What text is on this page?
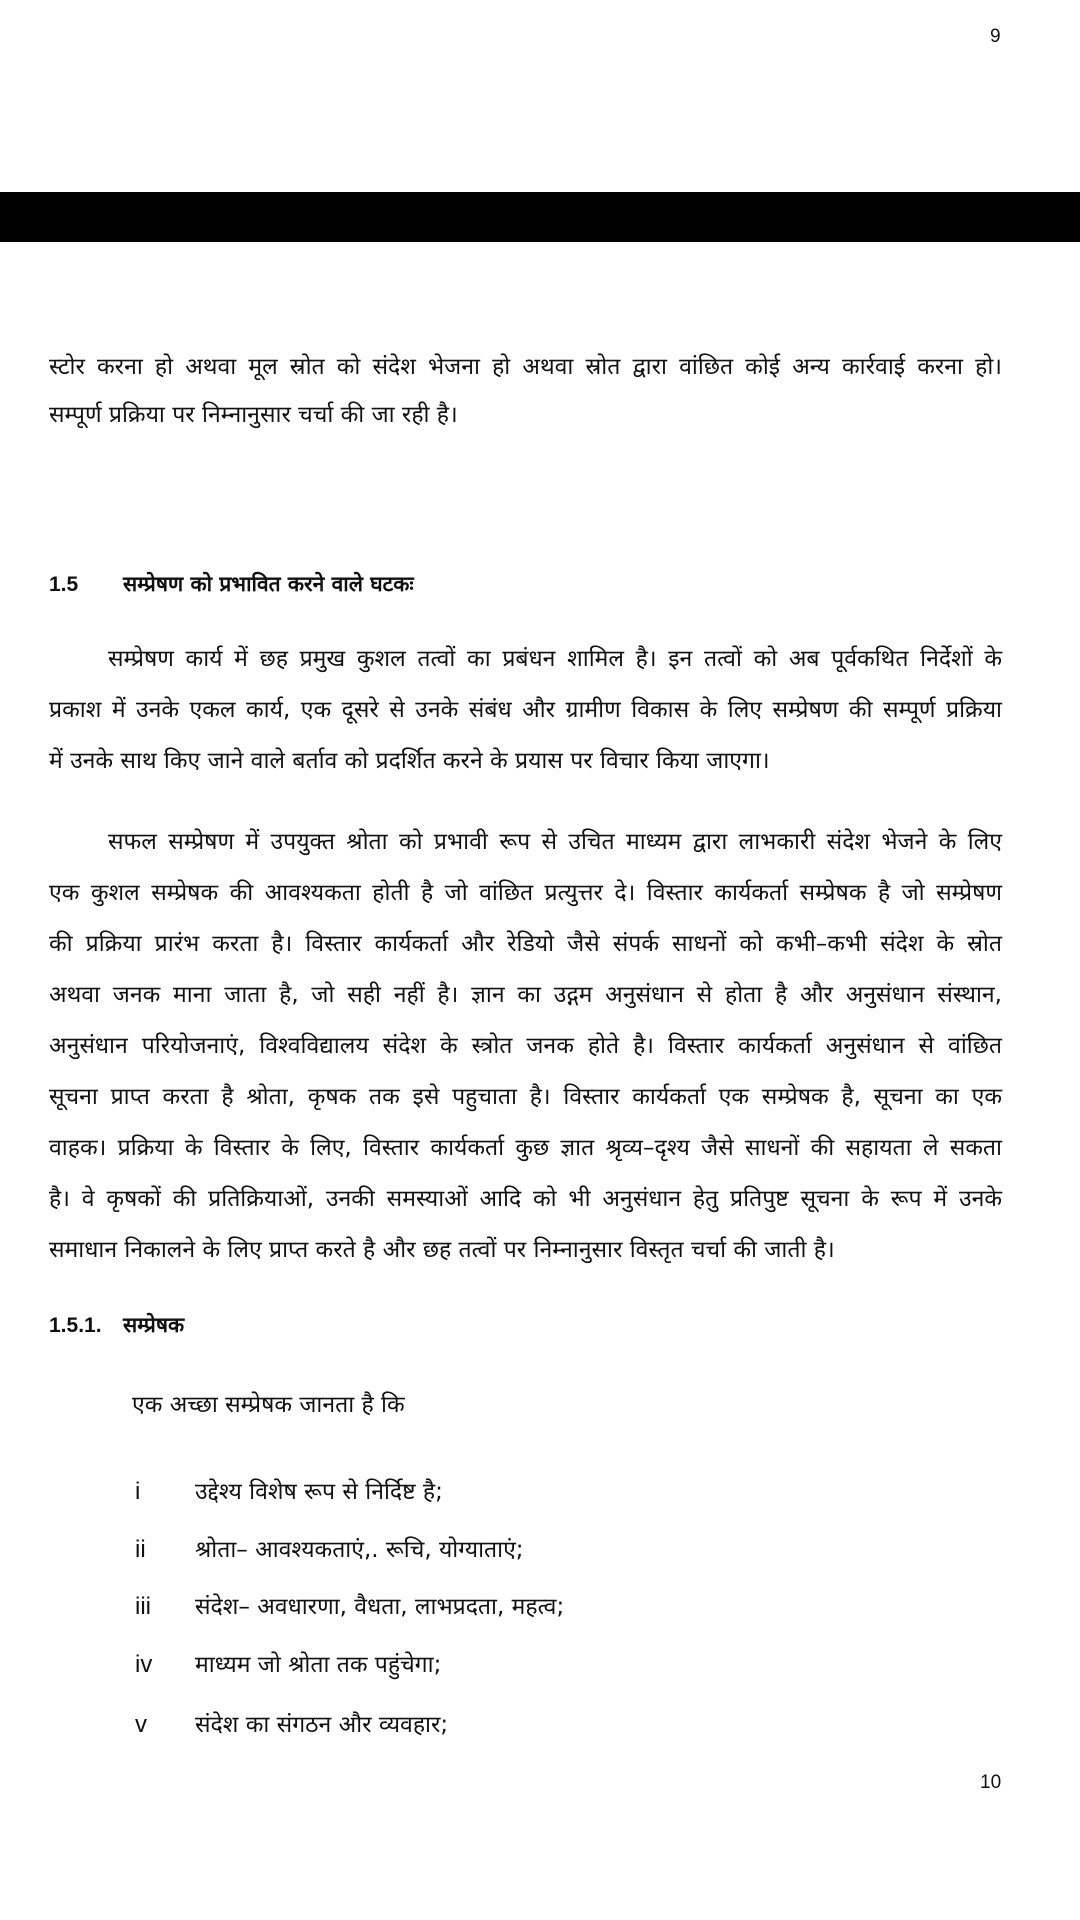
9
स्टोर करना हो अथवा मूल स्रोत को संदेश भेजना हो अथवा स्रोत द्वारा वांछित कोई अन्य कार्रवाई करना हो।
सम्पूर्ण प्रक्रिया पर निम्नानुसार चर्चा की जा रही है।
1.5 सम्प्रेषण को प्रभावित करने वाले घटकः
सम्प्रेषण कार्य में छह प्रमुख कुशल तत्वों का प्रबंधन शामिल है। इन तत्वों को अब पूर्वकथित निर्देशों के
प्रकाश में उनके एकल कार्य, एक दूसरे से उनके संबंध और ग्रामीण विकास के लिए सम्प्रेषण की सम्पूर्ण प्रक्रिया
में उनके साथ किए जाने वाले बर्ताव को प्रदर्शित करने के प्रयास पर विचार किया जाएगा।
सफल सम्प्रेषण में उपयुक्त श्रोता को प्रभावी रूप से उचित माध्यम द्वारा लाभकारी संदेश भेजने के लिए
एक कुशल सम्प्रेषक की आवश्यकता होती है जो वांछित प्रत्युत्तर दे। विस्तार कार्यकर्ता सम्प्रेषक है जो सम्प्रेषण
की प्रक्रिया प्रारंभ करता है। विस्तार कार्यकर्ता और रेडियो जैसे संपर्क साधनों को कभी–कभी संदेश के स्रोत
अथवा जनक माना जाता है, जो सही नहीं है। ज्ञान का उद्गम अनुसंधान से होता है और अनुसंधान संस्थान,
अनुसंधान परियोजनाएं, विश्वविद्यालय संदेश के स्त्रोत जनक होते है। विस्तार कार्यकर्ता अनुसंधान से वांछित
सूचना प्राप्त करता है श्रोता, कृषक तक इसे पहुचाता है। विस्तार कार्यकर्ता एक सम्प्रेषक है, सूचना का एक
वाहक। प्रक्रिया के विस्तार के लिए, विस्तार कार्यकर्ता कुछ ज्ञात श्रृव्य–दृश्य जैसे साधनों की सहायता ले सकता
है। वे कृषकों की प्रतिक्रियाओं, उनकी समस्याओं आदि को भी अनुसंधान हेतु प्रतिपुष्ट सूचना के रूप में उनके
समाधान निकालने के लिए प्राप्त करते है और छह तत्वों पर निम्नानुसार विस्तृत चर्चा की जाती है।
1.5.1. सम्प्रेषक
एक अच्छा सम्प्रेषक जानता है कि
i उद्देश्य विशेष रूप से निर्दिष्ट है;
ii श्रोता– आवश्यकताएं,. रूचि, योग्याताएं;
iii संदेश– अवधारणा, वैधता, लाभप्रदता, महत्व;
iv माध्यम जो श्रोता तक पहुंचेगा;
v संदेश का संगठन और व्यवहार;
10
